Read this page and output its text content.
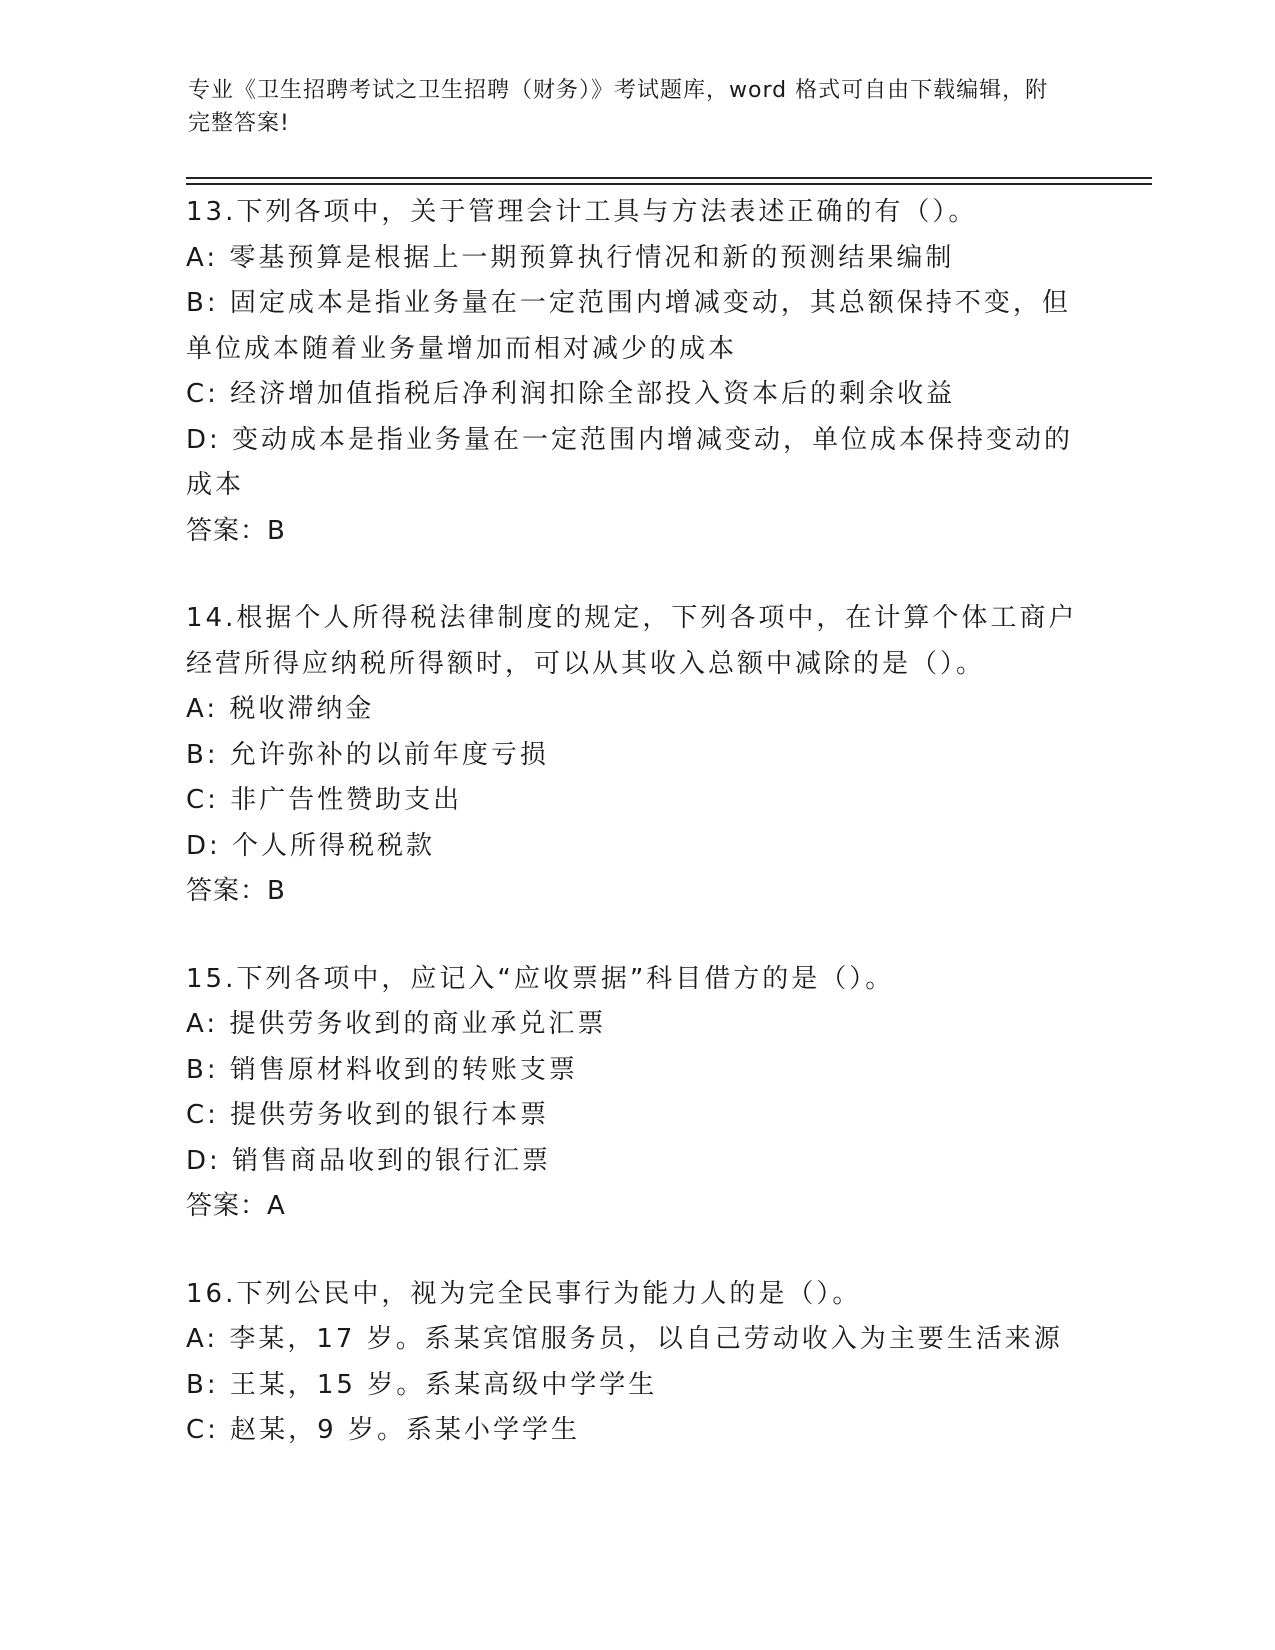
专业《卫生招聘考试之卫生招聘（财务）》考试题库，word 格式可自由下载编辑，附完整答案!
13.下列各项中，关于管理会计工具与方法表述正确的有（）。
A: 零基预算是根据上一期预算执行情况和新的预测结果编制
B: 固定成本是指业务量在一定范围内增减变动，其总额保持不变，但单位成本随着业务量增加而相对减少的成本
C: 经济增加值指税后净利润扣除全部投入资本后的剩余收益
D: 变动成本是指业务量在一定范围内增减变动，单位成本保持变动的成本
答案：B
14.根据个人所得税法律制度的规定，下列各项中，在计算个体工商户经营所得应纳税所得额时，可以从其收入总额中减除的是（）。
A: 税收滞纳金
B: 允许弥补的以前年度亏损
C: 非广告性赞助支出
D: 个人所得税税款
答案：B
15.下列各项中，应记入“应收票据”科目借方的是（）。
A: 提供劳务收到的商业承兑汇票
B: 销售原材料收到的转账支票
C: 提供劳务收到的银行本票
D: 销售商品收到的银行汇票
答案：A
16.下列公民中，视为完全民事行为能力人的是（）。
A: 李某，17 岁。系某宾馆服务员，以自己劳动收入为主要生活来源
B: 王某，15 岁。系某高级中学学生
C: 赵某，9 岁。系某小学学生
